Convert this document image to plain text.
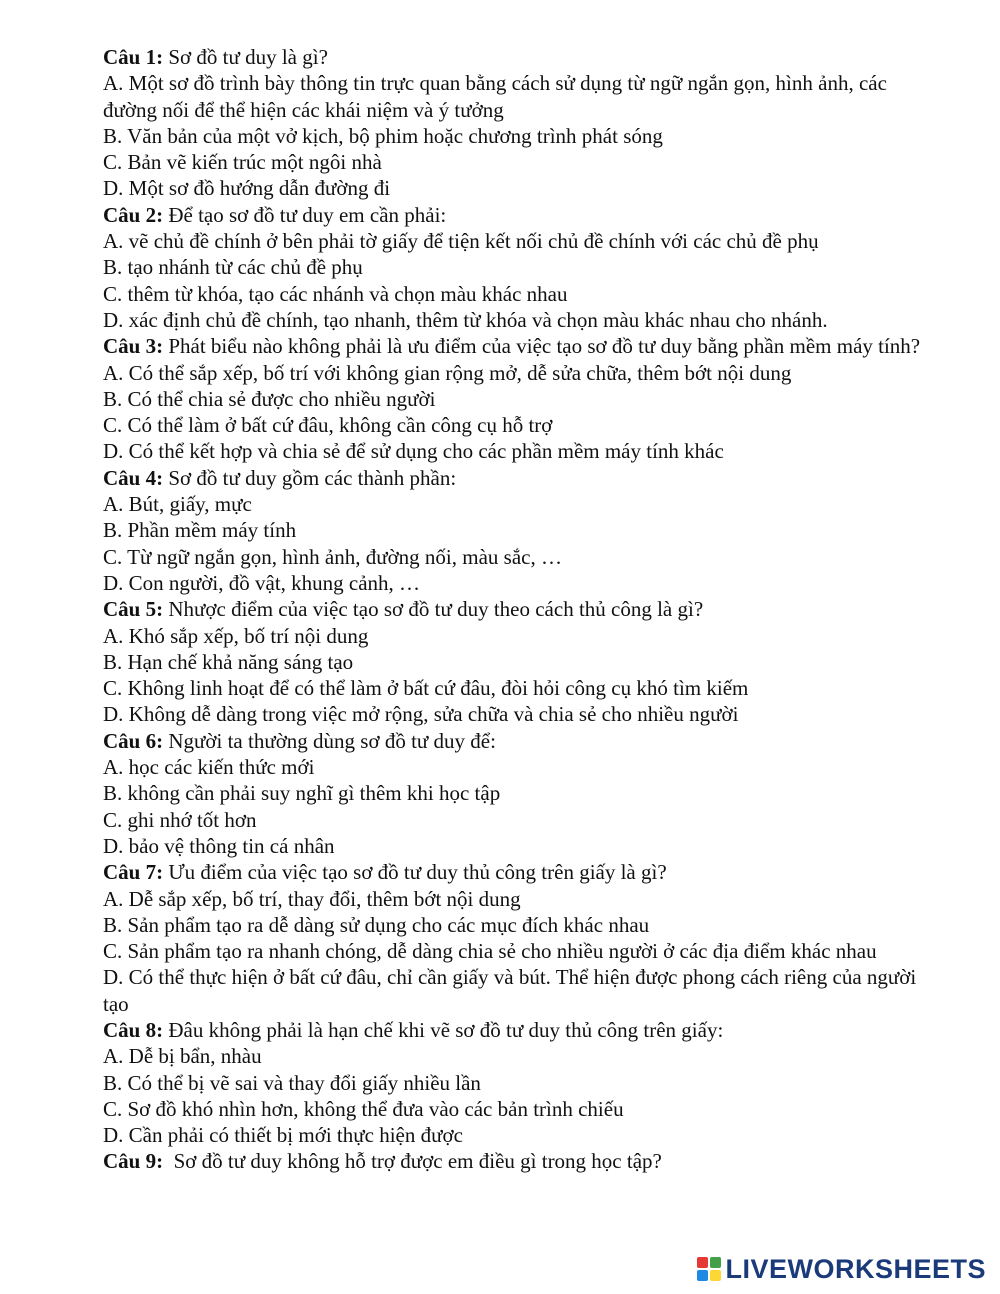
Câu 1: Sơ đồ tư duy là gì?
A. Một sơ đồ trình bày thông tin trực quan bằng cách sử dụng từ ngữ ngắn gọn, hình ảnh, các đường nối để thể hiện các khái niệm và ý tưởng
B. Văn bản của một vở kịch, bộ phim hoặc chương trình phát sóng
C. Bản vẽ kiến trúc một ngôi nhà
D. Một sơ đồ hướng dẫn đường đi
Câu 2: Để tạo sơ đồ tư duy em cần phải:
A. vẽ chủ đề chính ở bên phải tờ giấy để tiện kết nối chủ đề chính với các chủ đề phụ
B. tạo nhánh từ các chủ đề phụ
C. thêm từ khóa, tạo các nhánh và chọn màu khác nhau
D. xác định chủ đề chính, tạo nhanh, thêm từ khóa và chọn màu khác nhau cho nhánh.
Câu 3: Phát biểu nào không phải là ưu điểm của việc tạo sơ đồ tư duy bằng phần mềm máy tính?
A. Có thể sắp xếp, bố trí với không gian rộng mở, dễ sửa chữa, thêm bớt nội dung
B. Có thể chia sẻ được cho nhiều người
C. Có thể làm ở bất cứ đâu, không cần công cụ hỗ trợ
D. Có thể kết hợp và chia sẻ để sử dụng cho các phần mềm máy tính khác
Câu 4: Sơ đồ tư duy gồm các thành phần:
A. Bút, giấy, mực
B. Phần mềm máy tính
C. Từ ngữ ngắn gọn, hình ảnh, đường nối, màu sắc, …
D. Con người, đồ vật, khung cảnh, …
Câu 5: Nhược điểm của việc tạo sơ đồ tư duy theo cách thủ công là gì?
A. Khó sắp xếp, bố trí nội dung
B. Hạn chế khả năng sáng tạo
C. Không linh hoạt để có thể làm ở bất cứ đâu, đòi hỏi công cụ khó tìm kiếm
D. Không dễ dàng trong việc mở rộng, sửa chữa và chia sẻ cho nhiều người
Câu 6: Người ta thường dùng sơ đồ tư duy để:
A. học các kiến thức mới
B. không cần phải suy nghĩ gì thêm khi học tập
C. ghi nhớ tốt hơn
D. bảo vệ thông tin cá nhân
Câu 7: Ưu điểm của việc tạo sơ đồ tư duy thủ công trên giấy là gì?
A. Dễ sắp xếp, bố trí, thay đổi, thêm bớt nội dung
B. Sản phẩm tạo ra dễ dàng sử dụng cho các mục đích khác nhau
C. Sản phẩm tạo ra nhanh chóng, dễ dàng chia sẻ cho nhiều người ở các địa điểm khác nhau
D. Có thể thực hiện ở bất cứ đâu, chỉ cần giấy và bút. Thể hiện được phong cách riêng của người tạo
Câu 8: Đâu không phải là hạn chế khi vẽ sơ đồ tư duy thủ công trên giấy:
A. Dễ bị bẩn, nhàu
B. Có thể bị vẽ sai và thay đổi giấy nhiều lần
C. Sơ đồ khó nhìn hơn, không thể đưa vào các bản trình chiếu
D. Cần phải có thiết bị mới thực hiện được
Câu 9:  Sơ đồ tư duy không hỗ trợ được em điều gì trong học tập?
LIVEWORKSHEETS
